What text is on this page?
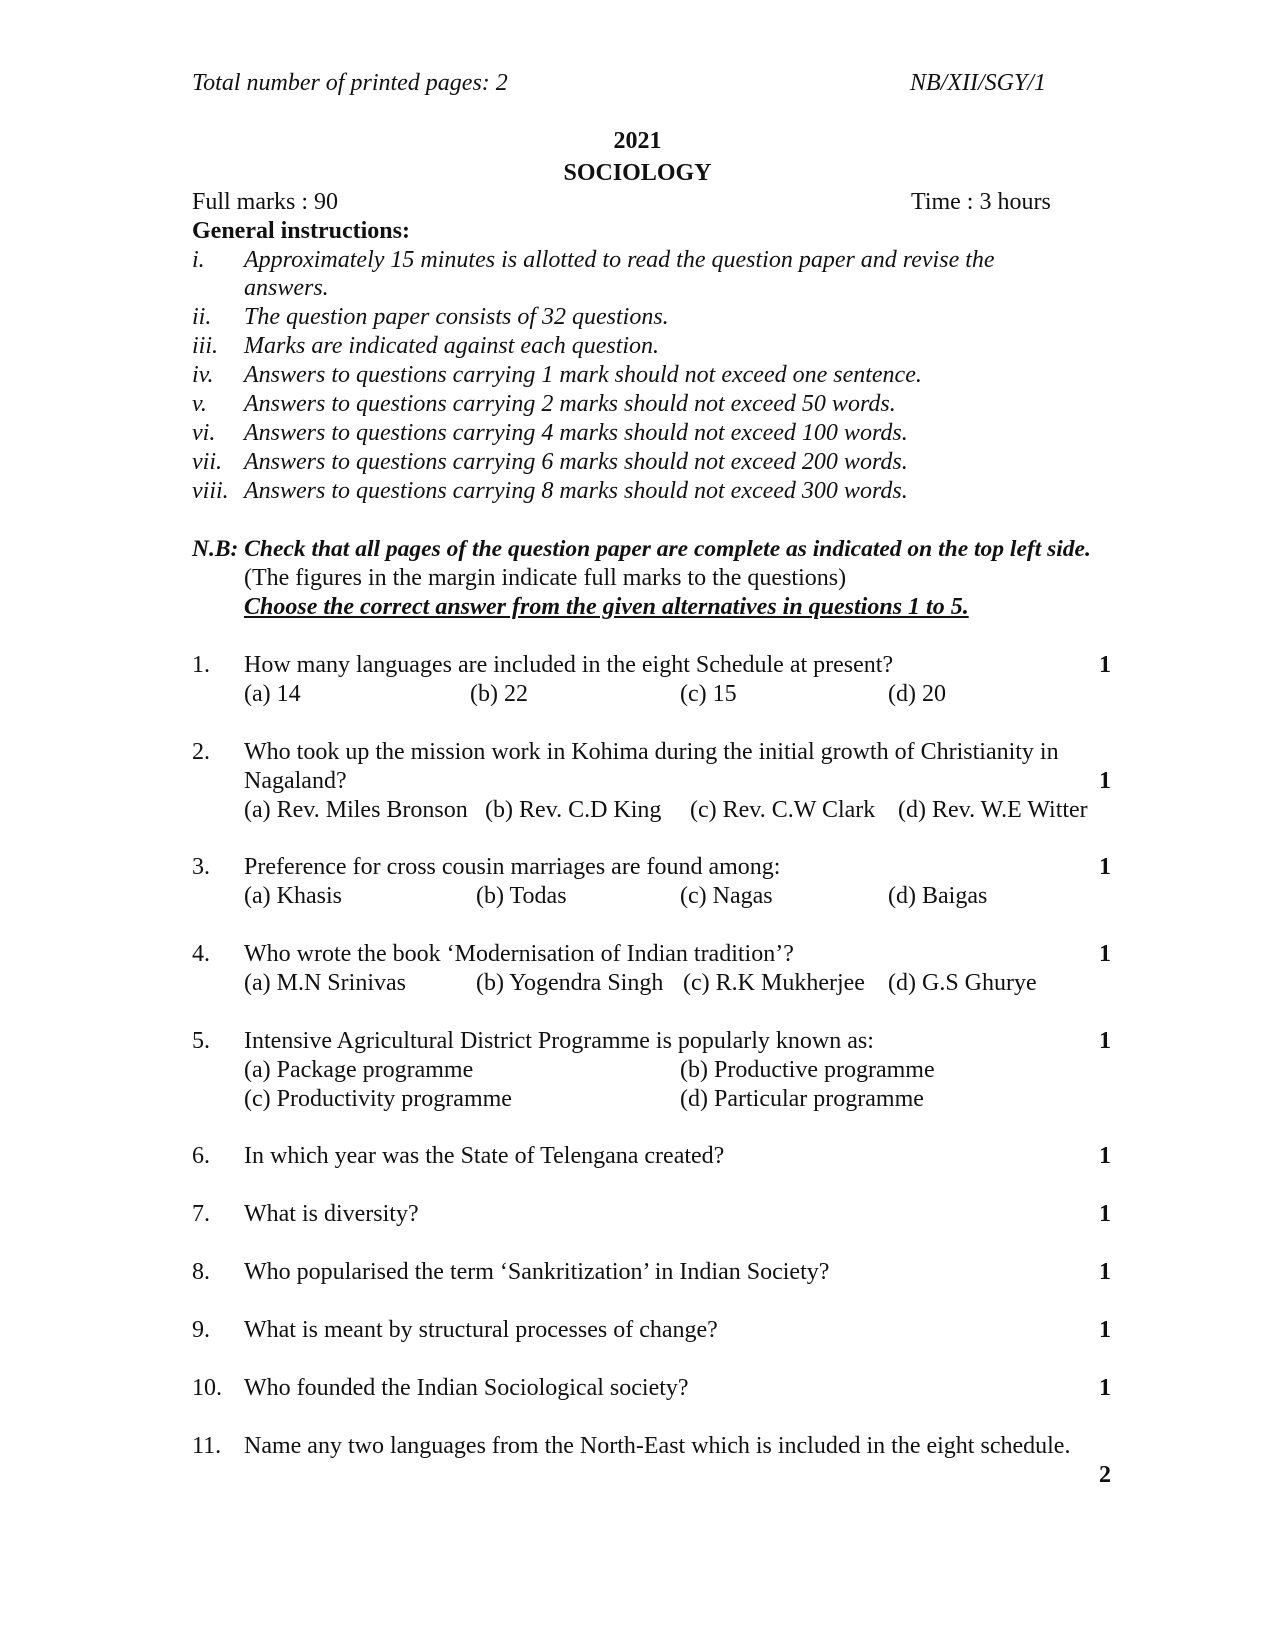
Total number of printed pages: 2	NB/XII/SGY/1
2021
SOCIOLOGY
Full marks : 90	Time : 3 hours
General instructions:
i. Approximately 15 minutes is allotted to read the question paper and revise the
answers.
ii. The question paper consists of 32 questions.
iii. Marks are indicated against each question.
iv. Answers to questions carrying 1 mark should not exceed one sentence.
v. Answers to questions carrying 2 marks should not exceed 50 words.
vi. Answers to questions carrying 4 marks should not exceed 100 words.
vii. Answers to questions carrying 6 marks should not exceed 200 words.
viii. Answers to questions carrying 8 marks should not exceed 300 words.
N.B: Check that all pages of the question paper are complete as indicated on the top left side.
(The figures in the margin indicate full marks to the questions)
Choose the correct answer from the given alternatives in questions 1 to 5.
1. How many languages are included in the eight Schedule at present?	1
(a) 14	(b) 22	(c) 15	(d) 20
2. Who took up the mission work in Kohima during the initial growth of Christianity in
Nagaland?	1
(a) Rev. Miles Bronson (b) Rev. C.D King (c) Rev. C.W Clark (d) Rev. W.E Witter
3. Preference for cross cousin marriages are found among:	1
(a) Khasis	(b) Todas	(c) Nagas	(d) Baigas
4. Who wrote the book ‘Modernisation of Indian tradition’?	1
(a) M.N Srinivas	(b) Yogendra Singh (c) R.K Mukherjee (d) G.S Ghurye
5. Intensive Agricultural District Programme is popularly known as:	1
(a) Package programme	(b) Productive programme
(c) Productivity programme	(d) Particular programme
6. In which year was the State of Telengana created?	1
7. What is diversity?	1
8. Who popularised the term ‘Sankritization’ in Indian Society?	1
9. What is meant by structural processes of change?	1
10. Who founded the Indian Sociological society?	1
11. Name any two languages from the North-East which is included in the eight schedule.
2
